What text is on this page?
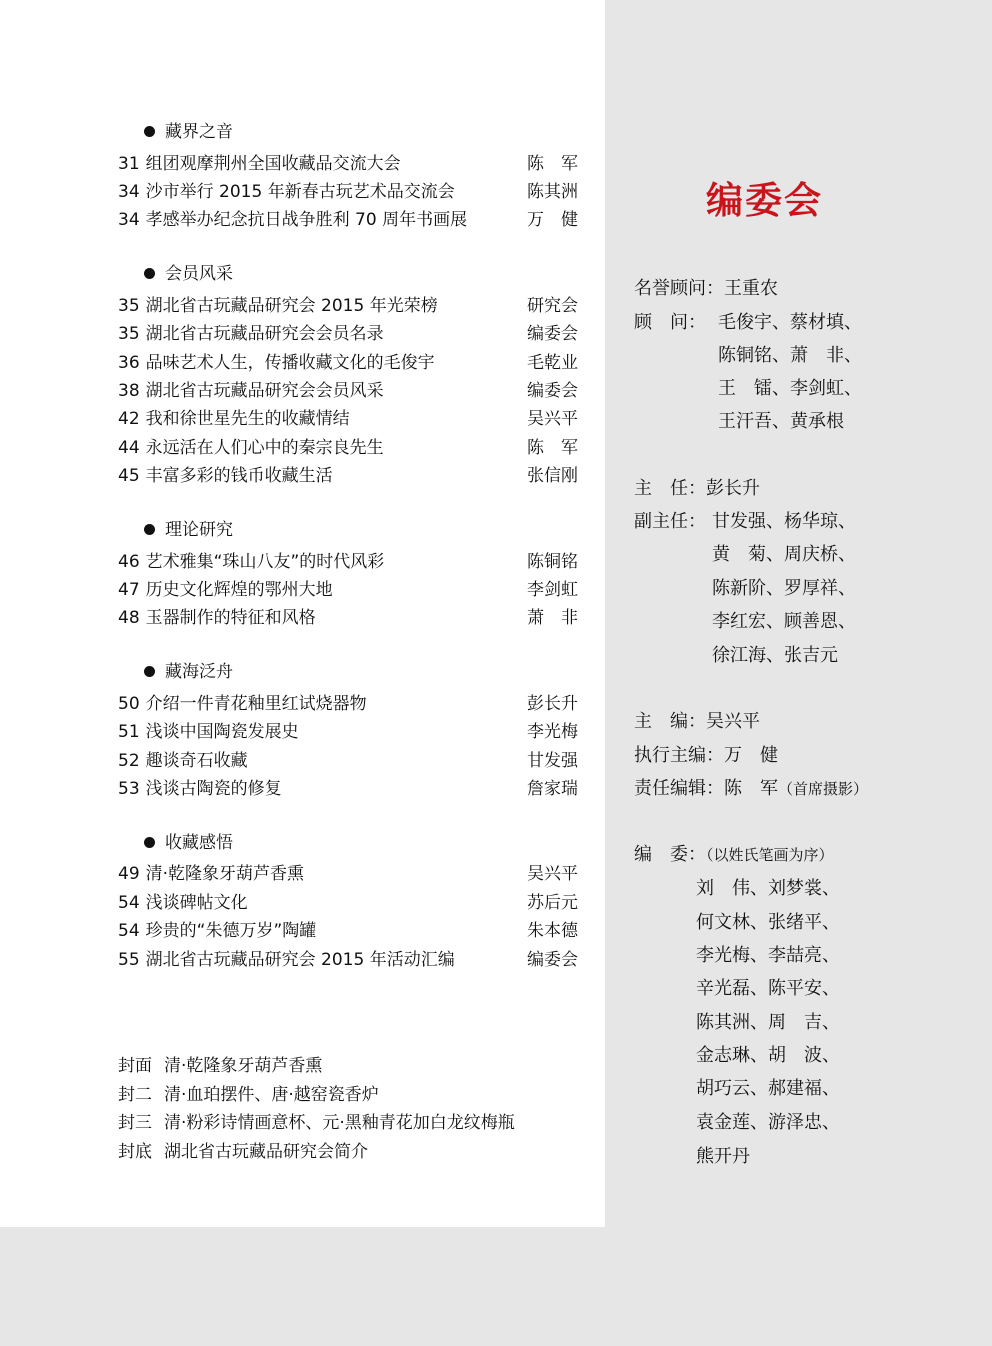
藏界之音
31 组团观摩荆州全国收藏品交流大会	陈　军
34 沙市举行 2015 年新春古玩艺术品交流会	陈其洲
34 孝感举办纪念抗日战争胜利 70 周年书画展	万　健
会员风采
35 湖北省古玩藏品研究会 2015 年光荣榜	研究会
35 湖北省古玩藏品研究会会员名录	编委会
36 品味艺术人生，传播收藏文化的毛俊宇	毛乾业
38 湖北省古玩藏品研究会会员风采	编委会
42 我和徐世星先生的收藏情结	吴兴平
44 永远活在人们心中的秦宗良先生	陈　军
45 丰富多彩的钱币收藏生活	张信刚
理论研究
46 艺术雅集“珠山八友”的时代风彩	陈铜铭
47 历史文化辉煌的鄂州大地	李剑虹
48 玉器制作的特征和风格	萧　非
藏海泛舟
50 介绍一件青花釉里红试烧器物	彭长升
51 浅谈中国陶瓷发展史	李光梅
52 趣谈奇石收藏	甘发强
53 浅谈古陶瓷的修复	詹家瑞
收藏感悟
49 清·乾隆象牙葫芦香熏	吴兴平
54 浅谈碑帖文化	苏后元
54 珍贵的“朱德万岁”陶罐	朱本德
55 湖北省古玩藏品研究会 2015 年活动汇编	编委会
封面 清·乾隆象牙葫芦香熏
封二 清·血珀摆件、唐·越窑瓷香炉
封三 清·粉彩诗情画意杯、元·黑釉青花加白龙纹梅瓶
封底 湖北省古玩藏品研究会简介
编委会
名誉顾问：王重农
顾　问： 毛俊宇、蔡材填、
陈铜铭、萧　非、
王　镭、李剑虹、
王汗吾、黄承根
主　任：彭长升
副主任： 甘发强、杨华琼、
黄　菊、周庆桥、
陈新阶、罗厚祥、
李红宏、顾善恩、
徐江海、张吉元
主　编：吴兴平
执行主编：万　健
责任编辑：陈　军（首席摄影）
编　委：（以姓氏笔画为序）
刘　伟、刘梦裳、
何文林、张绪平、
李光梅、李喆亮、
辛光磊、陈平安、
陈其洲、周　吉、
金志琳、胡　波、
胡巧云、郝建福、
袁金莲、游泽忠、
熊开丹
